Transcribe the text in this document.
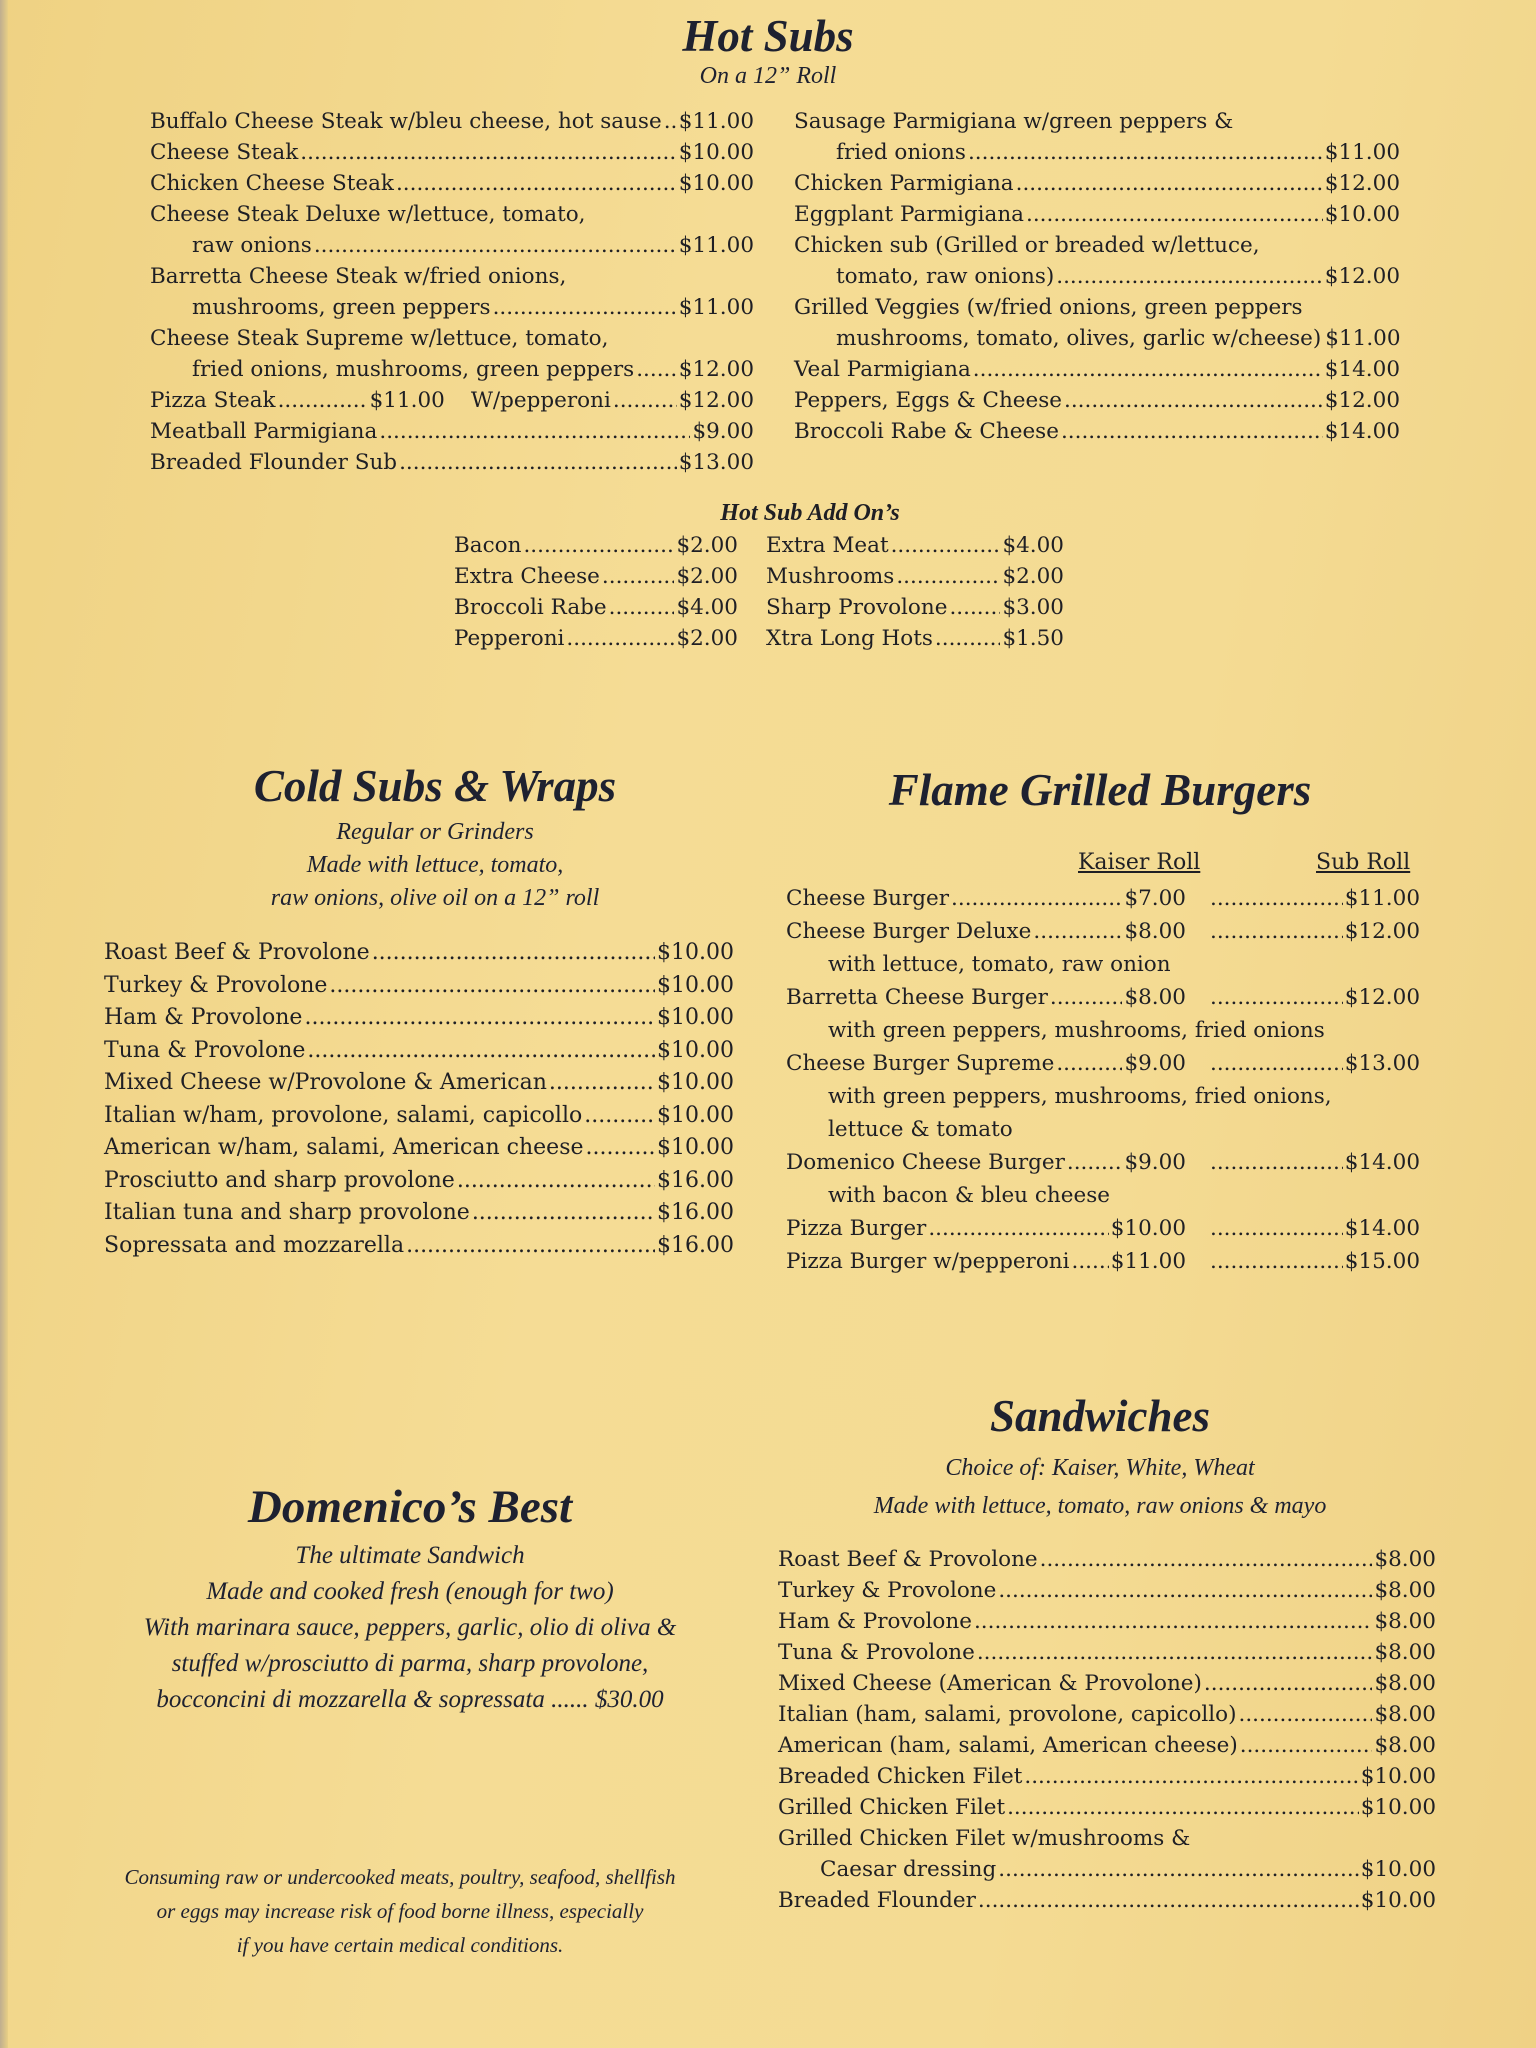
Hot Subs
On a 12” Roll
Buffalo Cheese Steak w/bleu cheese, hot sause ..... $11.00
Cheese Steak .....	$10.00
Chicken Cheese Steak .....	$10.00
Cheese Steak Deluxe w/lettuce, tomato,
raw onions .....	$11.00
Barretta Cheese Steak w/fried onions,
mushrooms, green peppers .....	$11.00
Cheese Steak Supreme w/lettuce, tomato,
fried onions, mushrooms, green peppers ..... $12.00
Pizza Steak .....	$11.00 W/pepperoni .....	$12.00
Meatball Parmigiana .....	$9.00
Breaded Flounder Sub .....	$13.00
Sausage Parmigiana w/green peppers &
fried onions .....	$11.00
Chicken Parmigiana .....	$12.00
Eggplant Parmigiana .....	$10.00
Chicken sub (Grilled or breaded w/lettuce,
tomato, raw onions) .....	$12.00
Grilled Veggies (w/fried onions, green peppers
mushrooms, tomato, olives, garlic w/cheese) $11.00
Veal Parmigiana .....	$14.00
Peppers, Eggs & Cheese .....	$12.00
Broccoli Rabe & Cheese .....	$14.00
Hot Sub Add On’s
Bacon .....	$2.00
Extra Cheese .....	$2.00
Broccoli Rabe .....	$4.00
Pepperoni .....	$2.00
Extra Meat .....	$4.00
Mushrooms .....	$2.00
Sharp Provolone .....	$3.00
Xtra Long Hots .....	$1.50
Cold Subs & Wraps
Regular or Grinders
Made with lettuce, tomato,
raw onions, olive oil on a 12” roll
Roast Beef & Provolone .....	$10.00
Turkey & Provolone .....	$10.00
Ham & Provolone .....	$10.00
Tuna & Provolone .....	$10.00
Mixed Cheese w/Provolone & American .....	$10.00
Italian w/ham, provolone, salami, capicollo .....	$10.00
American w/ham, salami, American cheese .....	$10.00
Prosciutto and sharp provolone .....	$16.00
Italian tuna and sharp provolone .....	$16.00
Sopressata and mozzarella .....	$16.00
Flame Grilled Burgers
Kaiser Roll	Sub Roll
Cheese Burger .....	$7.00 .....	$11.00
Cheese Burger Deluxe .....	$8.00 .....	$12.00
with lettuce, tomato, raw onion
Barretta Cheese Burger .....	$8.00 .....	$12.00
with green peppers, mushrooms, fried onions
Cheese Burger Supreme .....	$9.00 .....	$13.00
with green peppers, mushrooms, fried onions,
lettuce & tomato
Domenico Cheese Burger .....	$9.00 .....	$14.00
with bacon & bleu cheese
Pizza Burger .....	$10.00 .....	$14.00
Pizza Burger w/pepperoni ..... $11.00 .....	$15.00
Sandwiches
Choice of: Kaiser, White, Wheat
Made with lettuce, tomato, raw onions & mayo
Roast Beef & Provolone .....	$8.00
Turkey & Provolone .....	$8.00
Ham & Provolone .....	$8.00
Tuna & Provolone .....	$8.00
Mixed Cheese (American & Provolone) .....	$8.00
Italian (ham, salami, provolone, capicollo) .....	$8.00
American (ham, salami, American cheese) .....	$8.00
Breaded Chicken Filet .....	$10.00
Grilled Chicken Filet .....	$10.00
Grilled Chicken Filet w/mushrooms &
Caesar dressing .....	$10.00
Breaded Flounder .....	$10.00
Domenico’s Best
The ultimate Sandwich
Made and cooked fresh (enough for two)
With marinara sauce, peppers, garlic, olio di oliva &
stuffed w/prosciutto di parma, sharp provolone,
bocconcini di mozzarella & sopressata ...... $30.00
Consuming raw or undercooked meats, poultry, seafood, shellfish
or eggs may increase risk of food borne illness, especially
if you have certain medical conditions.
